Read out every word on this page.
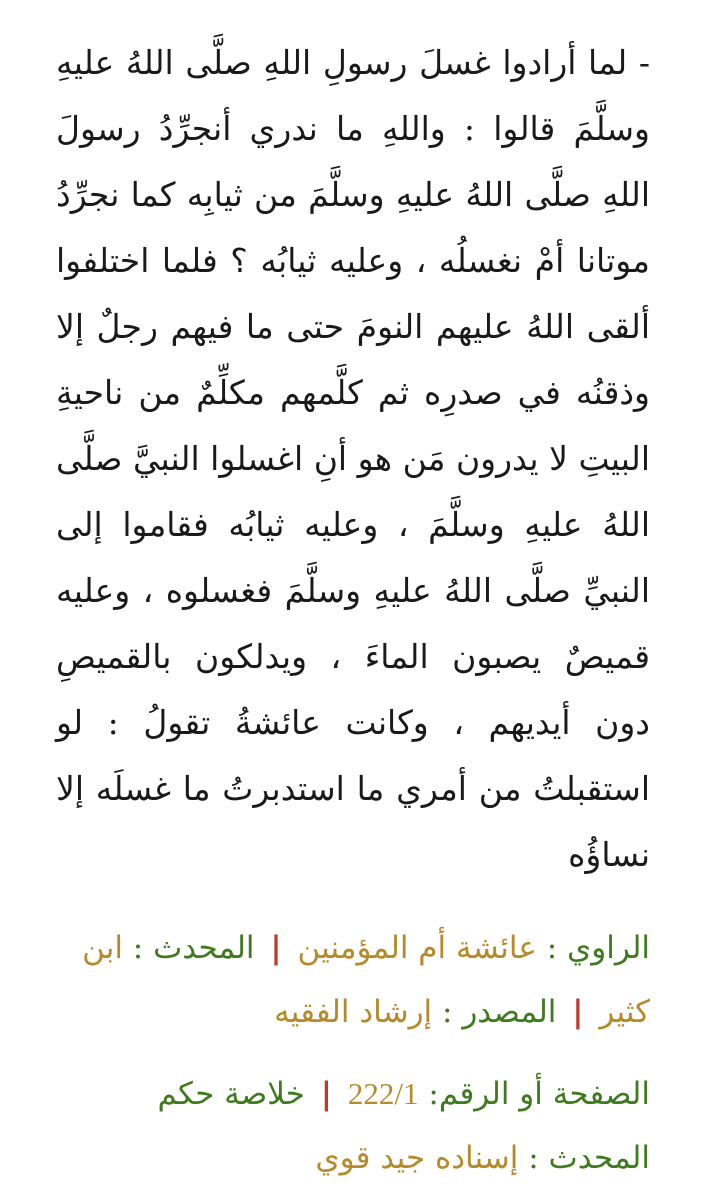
- لما أرادوا غسلَ رسولِ اللهِ صلَّى اللهُ عليهِ وسلَّمَ قالوا : واللهِ ما ندري أنجرِّدُ رسولَ اللهِ صلَّى اللهُ عليهِ وسلَّمَ من ثيابِه كما نجرِّدُ موتانا أمْ نغسلُه ، وعليه ثيابُه ؟ فلما اختلفوا ألقى اللهُ عليهم النومَ حتى ما فيهم رجلٌ إلا وذقنُه في صدرِه ثم كلَّمهم مكلِّمٌ من ناحيةِ البيتِ لا يدرون مَن هو أنِ اغسلوا النبيَّ صلَّى اللهُ عليهِ وسلَّمَ ، وعليه ثيابُه فقاموا إلى النبيِّ صلَّى اللهُ عليهِ وسلَّمَ فغسلوه ، وعليه قميصٌ يصبون الماءَ ، ويدلكون بالقميصِ دون أيديهم ، وكانت عائشةُ تقولُ : لو استقبلتُ من أمري ما استدبرتُ ما غسلَه إلا نساؤُه

الراوي : عائشة أم المؤمنين | المحدث : ابن كثير | المصدر : إرشاد الفقيه
الصفحة أو الرقم: 222/1 | خلاصة حكم المحدث : إسناده جيد قوي
